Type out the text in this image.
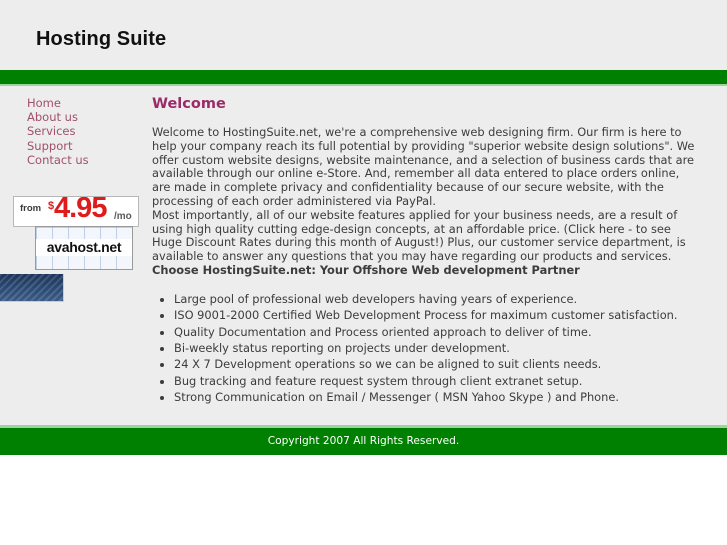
Hosting Suite
Home
About us
Services
Support
Contact us
from $ 4.95 /mo
avahost.net
Welcome

Welcome to HostingSuite.net, we're a comprehensive web designing firm. Our firm is here to help your company reach its full potential by providing "superior website design solutions". We offer custom website designs, website maintenance, and a selection of business cards that are available through our online e-Store. And, remember all data entered to place orders online, are made in complete privacy and confidentiality because of our secure website, with the processing of each order administered via PayPal.

Most importantly, all of our website features applied for your business needs, are a result of using high quality cutting edge-design concepts, at an affordable price. (Click here - to see Huge Discount Rates during this month of August!) Plus, our customer service department, is available to answer any questions that you may have regarding our products and services.

Choose HostingSuite.net: Your Offshore Web development Partner

• Large pool of professional web developers having years of experience.
• ISO 9001-2000 Certified Web Development Process for maximum customer satisfaction.
• Quality Documentation and Process oriented approach to deliver of time.
• Bi-weekly status reporting on projects under development.
• 24 X 7 Development operations so we can be aligned to suit clients needs.
• Bug tracking and feature request system through client extranet setup.
• Strong Communication on Email / Messenger ( MSN Yahoo Skype ) and Phone.
Copyright 2007 All Rights Reserved.
